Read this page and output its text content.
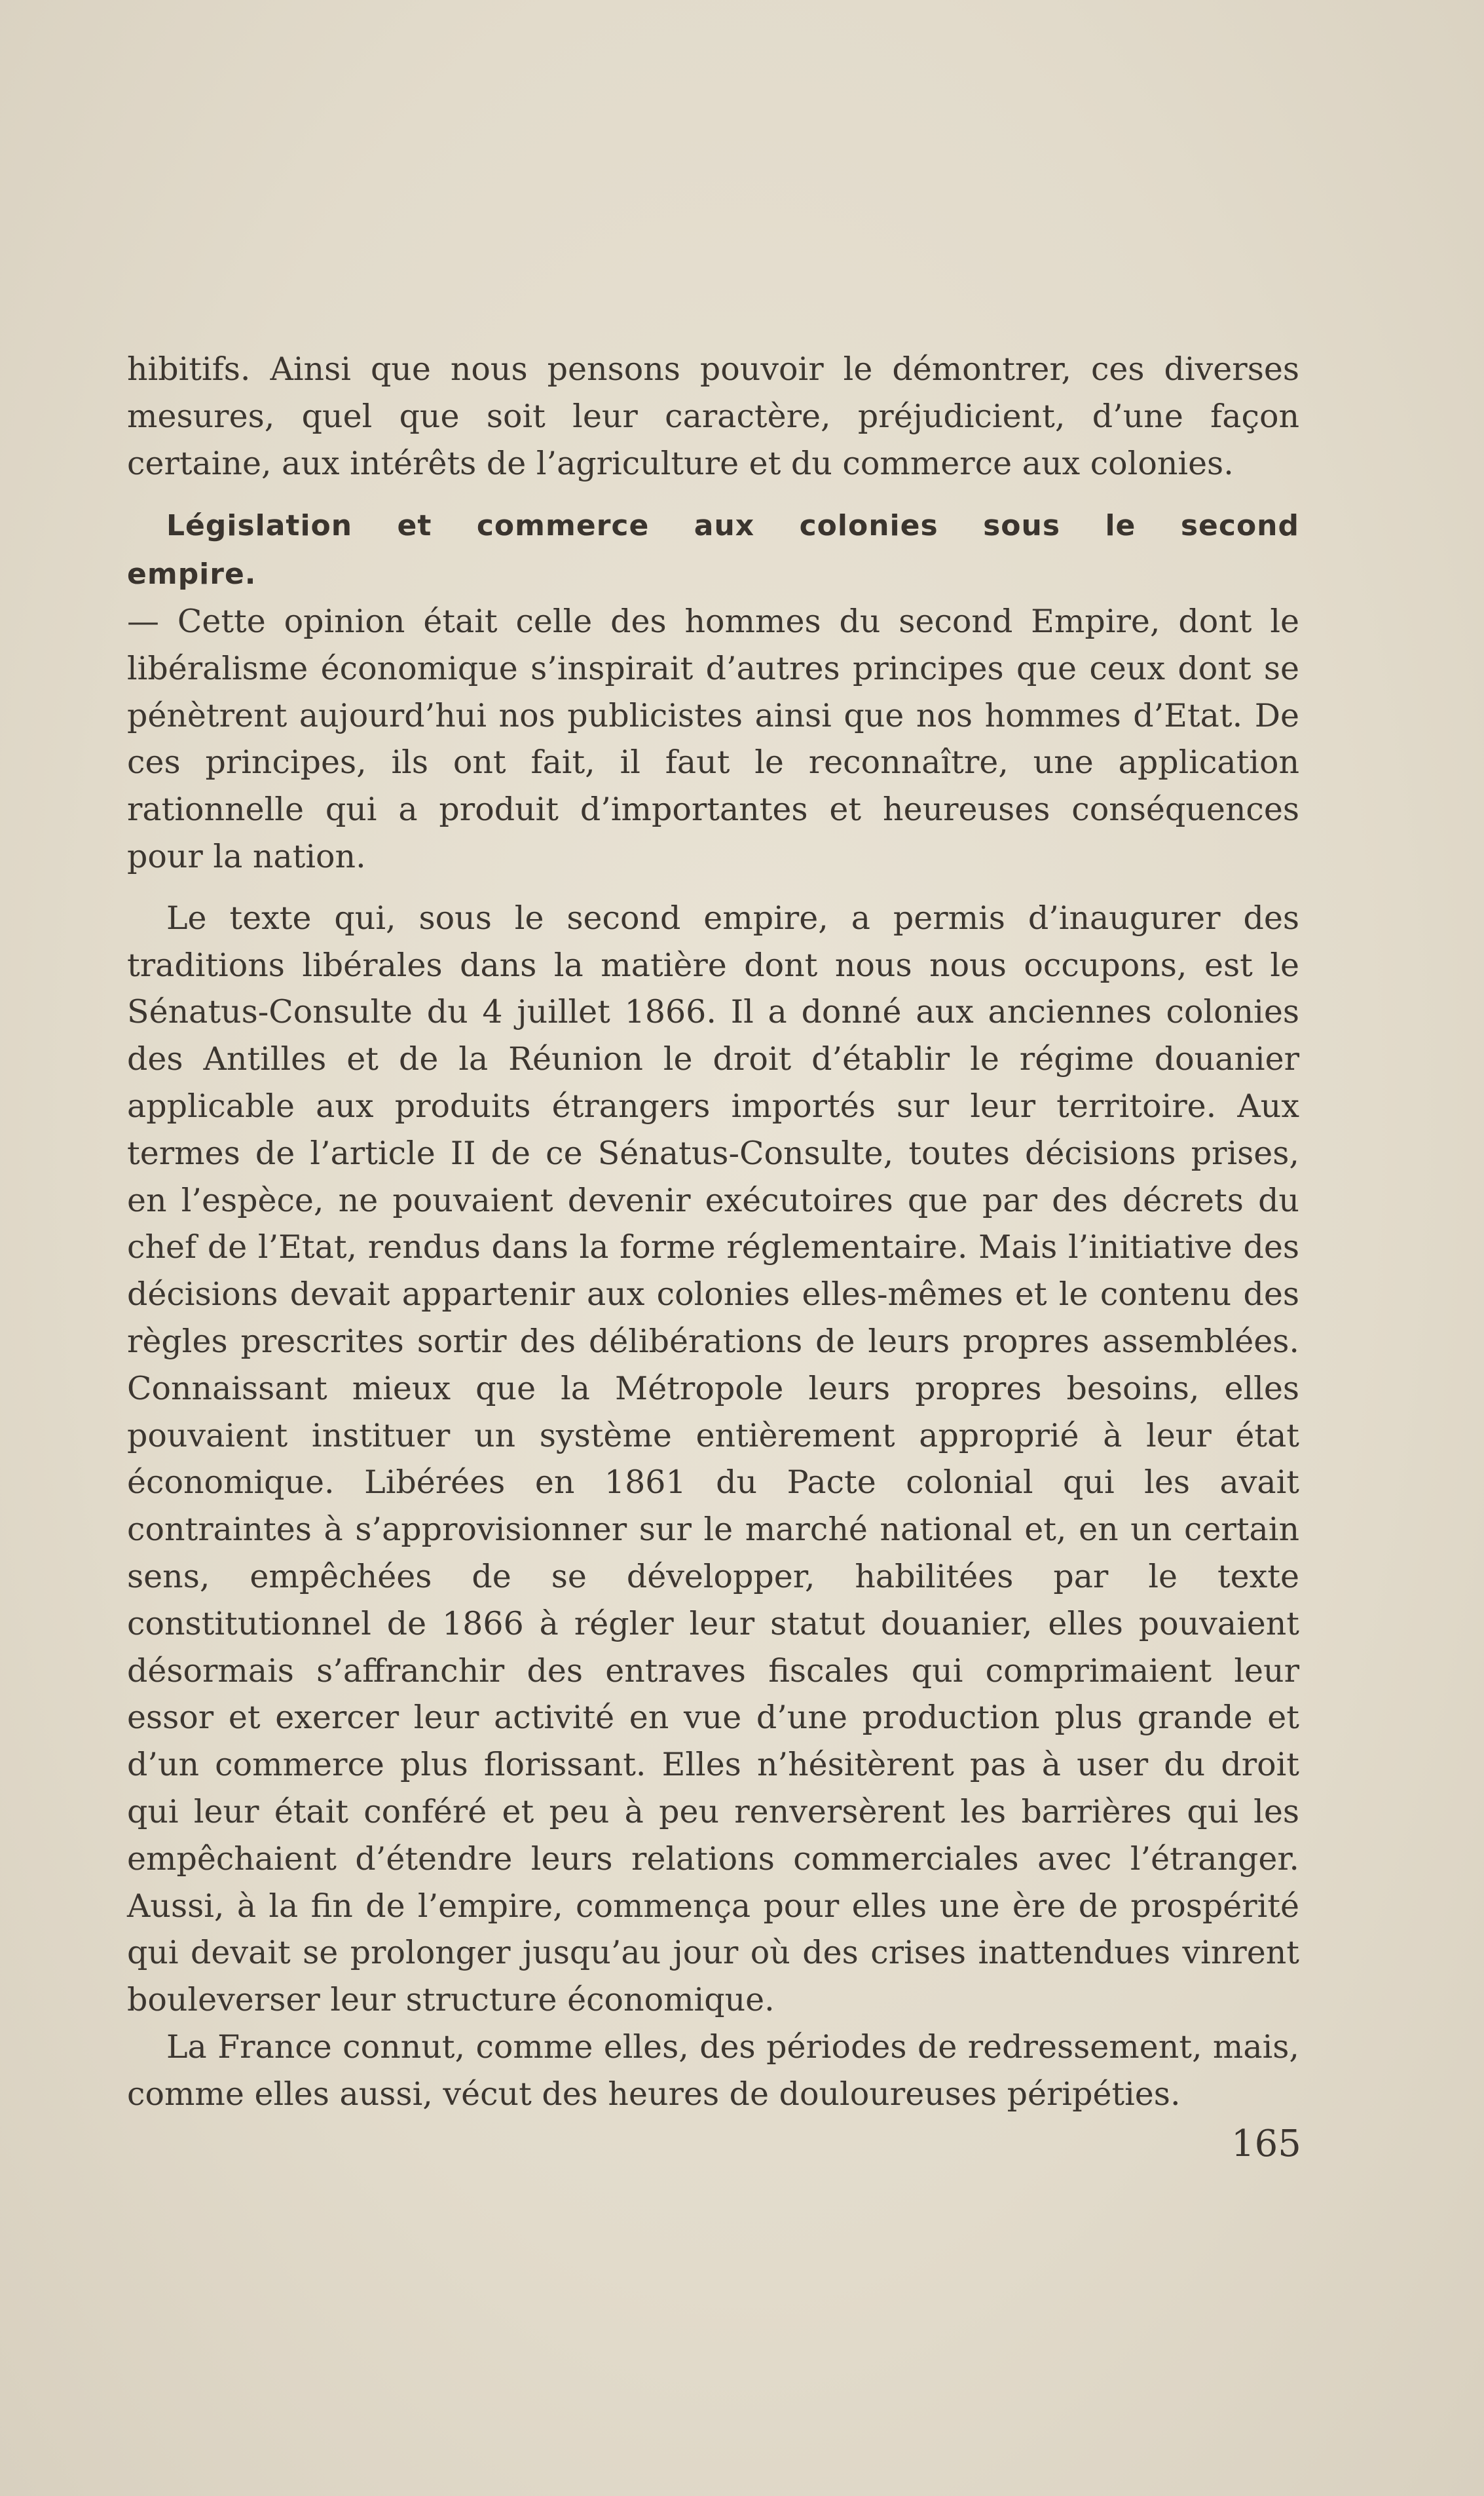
hibitifs. Ainsi que nous pensons pouvoir le démontrer, ces diverses mesures, quel que soit leur caractère, préjudicient, d’une façon certaine, aux intérêts de l’agriculture et du commerce aux colonies.

Législation et commerce aux colonies sous le second empire.
— Cette opinion était celle des hommes du second Empire, dont le libéralisme économique s’inspirait d’autres principes que ceux dont se pénètrent aujourd’hui nos publicistes ainsi que nos hommes d’Etat. De ces principes, ils ont fait, il faut le reconnaître, une application rationnelle qui a produit d’importantes et heureuses conséquences pour la nation.

Le texte qui, sous le second empire, a permis d’inaugurer des traditions libérales dans la matière dont nous nous occupons, est le Sénatus-Consulte du 4 juillet 1866. Il a donné aux anciennes colonies des Antilles et de la Réunion le droit d’établir le régime douanier applicable aux produits étrangers importés sur leur territoire. Aux termes de l’article II de ce Sénatus-Consulte, toutes décisions prises, en l’espèce, ne pouvaient devenir exécutoires que par des décrets du chef de l’Etat, rendus dans la forme réglementaire. Mais l’initiative des décisions devait appartenir aux colonies elles-mêmes et le contenu des règles prescrites sortir des délibérations de leurs propres assemblées. Connaissant mieux que la Métropole leurs propres besoins, elles pouvaient instituer un système entièrement approprié à leur état économique. Libérées en 1861 du Pacte colonial qui les avait contraintes à s’approvisionner sur le marché national et, en un certain sens, empêchées de se développer, habilitées par le texte constitutionnel de 1866 à régler leur statut douanier, elles pouvaient désormais s’affranchir des entraves fiscales qui comprimaient leur essor et exercer leur activité en vue d’une production plus grande et d’un commerce plus florissant. Elles n’hésitèrent pas à user du droit qui leur était conféré et peu à peu renversèrent les barrières qui les empêchaient d’étendre leurs relations commerciales avec l’étranger. Aussi, à la fin de l’empire, commença pour elles une ère de prospérité qui devait se prolonger jusqu’au jour où des crises inattendues vinrent bouleverser leur structure économique.

La France connut, comme elles, des périodes de redressement, mais, comme elles aussi, vécut des heures de douloureuses péripéties.

165
